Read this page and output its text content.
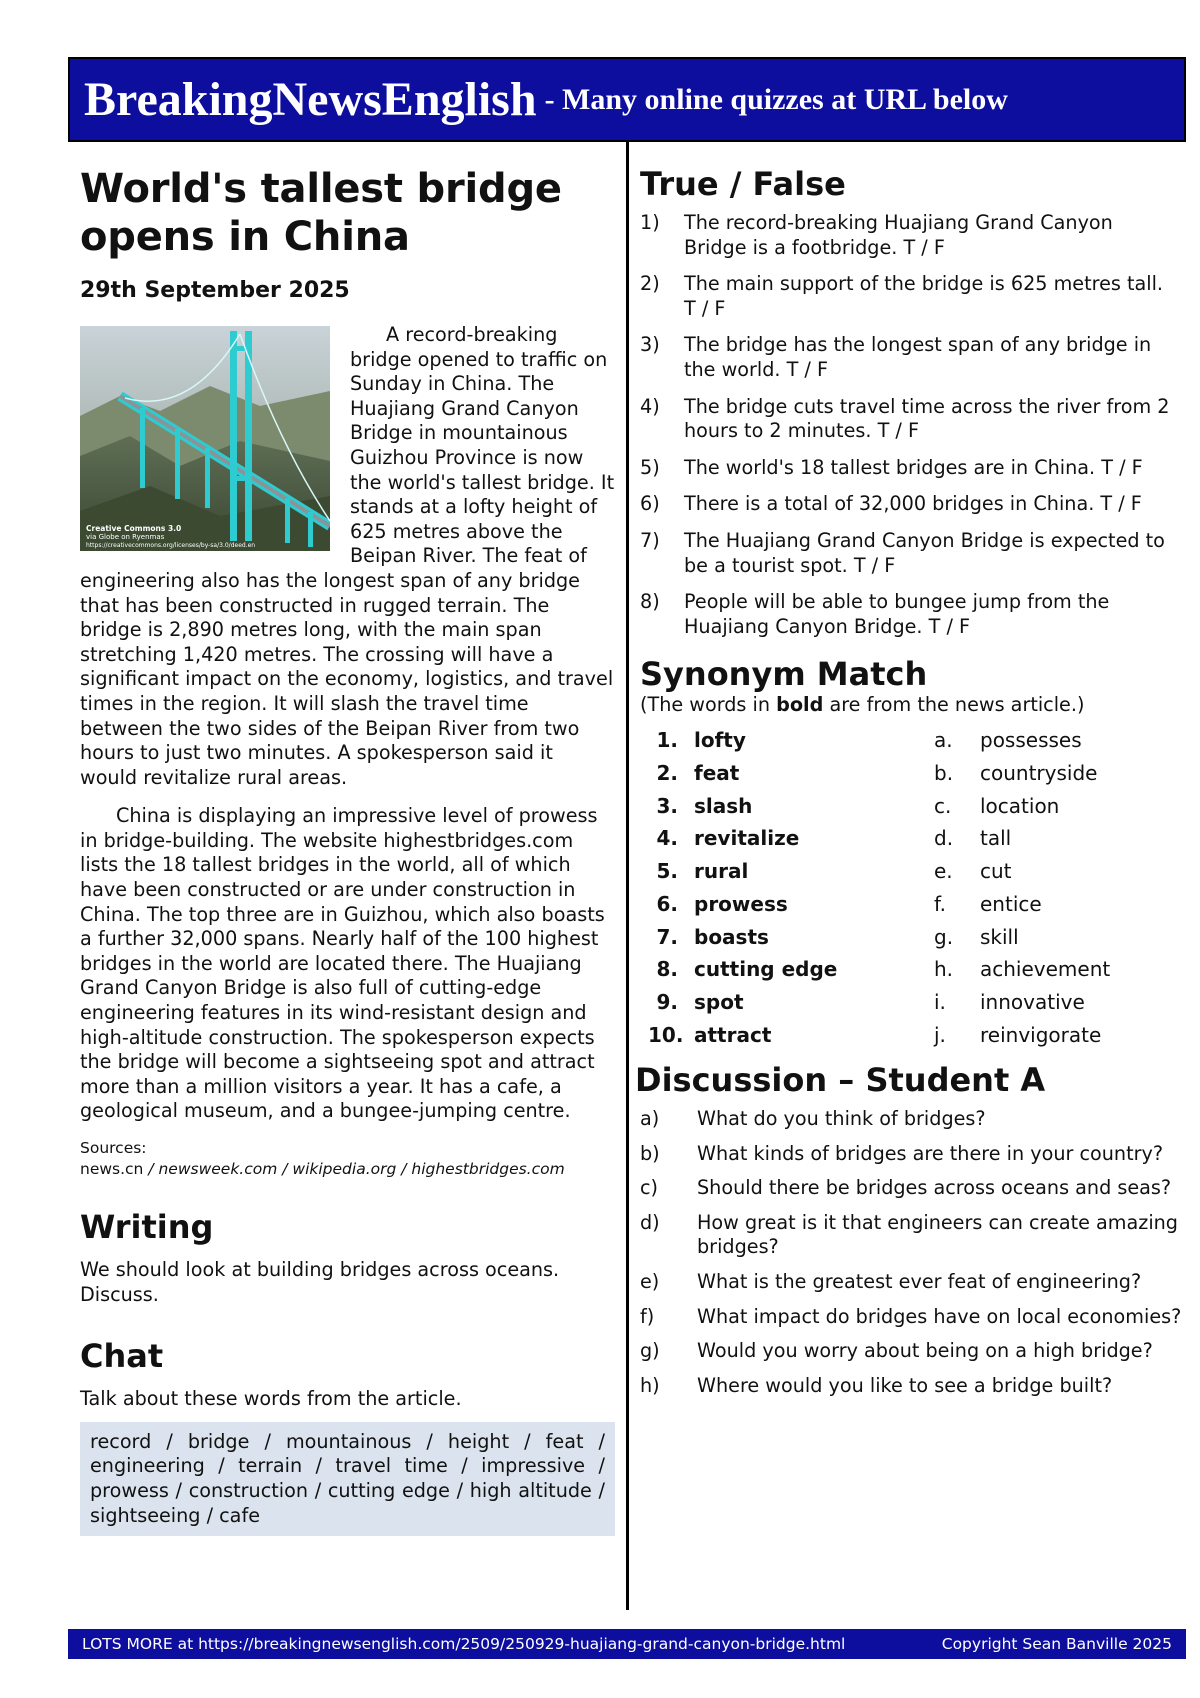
BreakingNewsEnglish - Many online quizzes at URL below
World's tallest bridge opens in China
29th September 2025
Creative Commons 3.0
via Globe on Ryenmas
https://creativecommons.org/licenses/by-sa/3.0/deed.en

A record-breaking bridge opened to traffic on Sunday in China. The Huajiang Grand Canyon Bridge in mountainous Guizhou Province is now the world's tallest bridge. It stands at a lofty height of 625 metres above the Beipan River. The feat of engineering also has the longest span of any bridge that has been constructed in rugged terrain. The bridge is 2,890 metres long, with the main span stretching 1,420 metres. The crossing will have a significant impact on the economy, logistics, and travel times in the region. It will slash the travel time between the two sides of the Beipan River from two hours to just two minutes. A spokesperson said it would revitalize rural areas.

China is displaying an impressive level of prowess in bridge-building. The website highestbridges.com lists the 18 tallest bridges in the world, all of which have been constructed or are under construction in China. The top three are in Guizhou, which also boasts a further 32,000 spans. Nearly half of the 100 highest bridges in the world are located there. The Huajiang Grand Canyon Bridge is also full of cutting-edge engineering features in its wind-resistant design and high-altitude construction. The spokesperson expects the bridge will become a sightseeing spot and attract more than a million visitors a year. It has a cafe, a geological museum, and a bungee-jumping centre.

Sources:
news.cn / newsweek.com / wikipedia.org / highestbridges.com
Writing
We should look at building bridges across oceans. Discuss.
Chat
Talk about these words from the article.
record / bridge / mountainous / height / feat / engineering / terrain / travel time / impressive / prowess / construction / cutting edge / high altitude / sightseeing / cafe
True / False
1)	The record-breaking Huajiang Grand Canyon Bridge is a footbridge. T / F
2)	The main support of the bridge is 625 metres tall. T / F
3)	The bridge has the longest span of any bridge in the world. T / F
4)	The bridge cuts travel time across the river from 2 hours to 2 minutes. T / F
5)	The world's 18 tallest bridges are in China. T / F
6)	There is a total of 32,000 bridges in China. T / F
7)	The Huajiang Grand Canyon Bridge is expected to be a tourist spot. T / F
8)	People will be able to bungee jump from the Huajiang Canyon Bridge. T / F
Synonym Match
(The words in bold are from the news article.)
1. lofty	a.	possesses
2. feat	b.	countryside
3. slash	c.	location
4. revitalize	d.	tall
5. rural	e.	cut
6. prowess	f.	entice
7. boasts	g.	skill
8. cutting edge	h.	achievement
9. spot	i.	innovative
10. attract	j.	reinvigorate
Discussion – Student A
a)	What do you think of bridges?
b)	What kinds of bridges are there in your country?
c)	Should there be bridges across oceans and seas?
d)	How great is it that engineers can create amazing bridges?
e)	What is the greatest ever feat of engineering?
f)	What impact do bridges have on local economies?
g)	Would you worry about being on a high bridge?
h)	Where would you like to see a bridge built?
LOTS MORE at https://breakingnewsenglish.com/2509/250929-huajiang-grand-canyon-bridge.html	Copyright Sean Banville 2025
